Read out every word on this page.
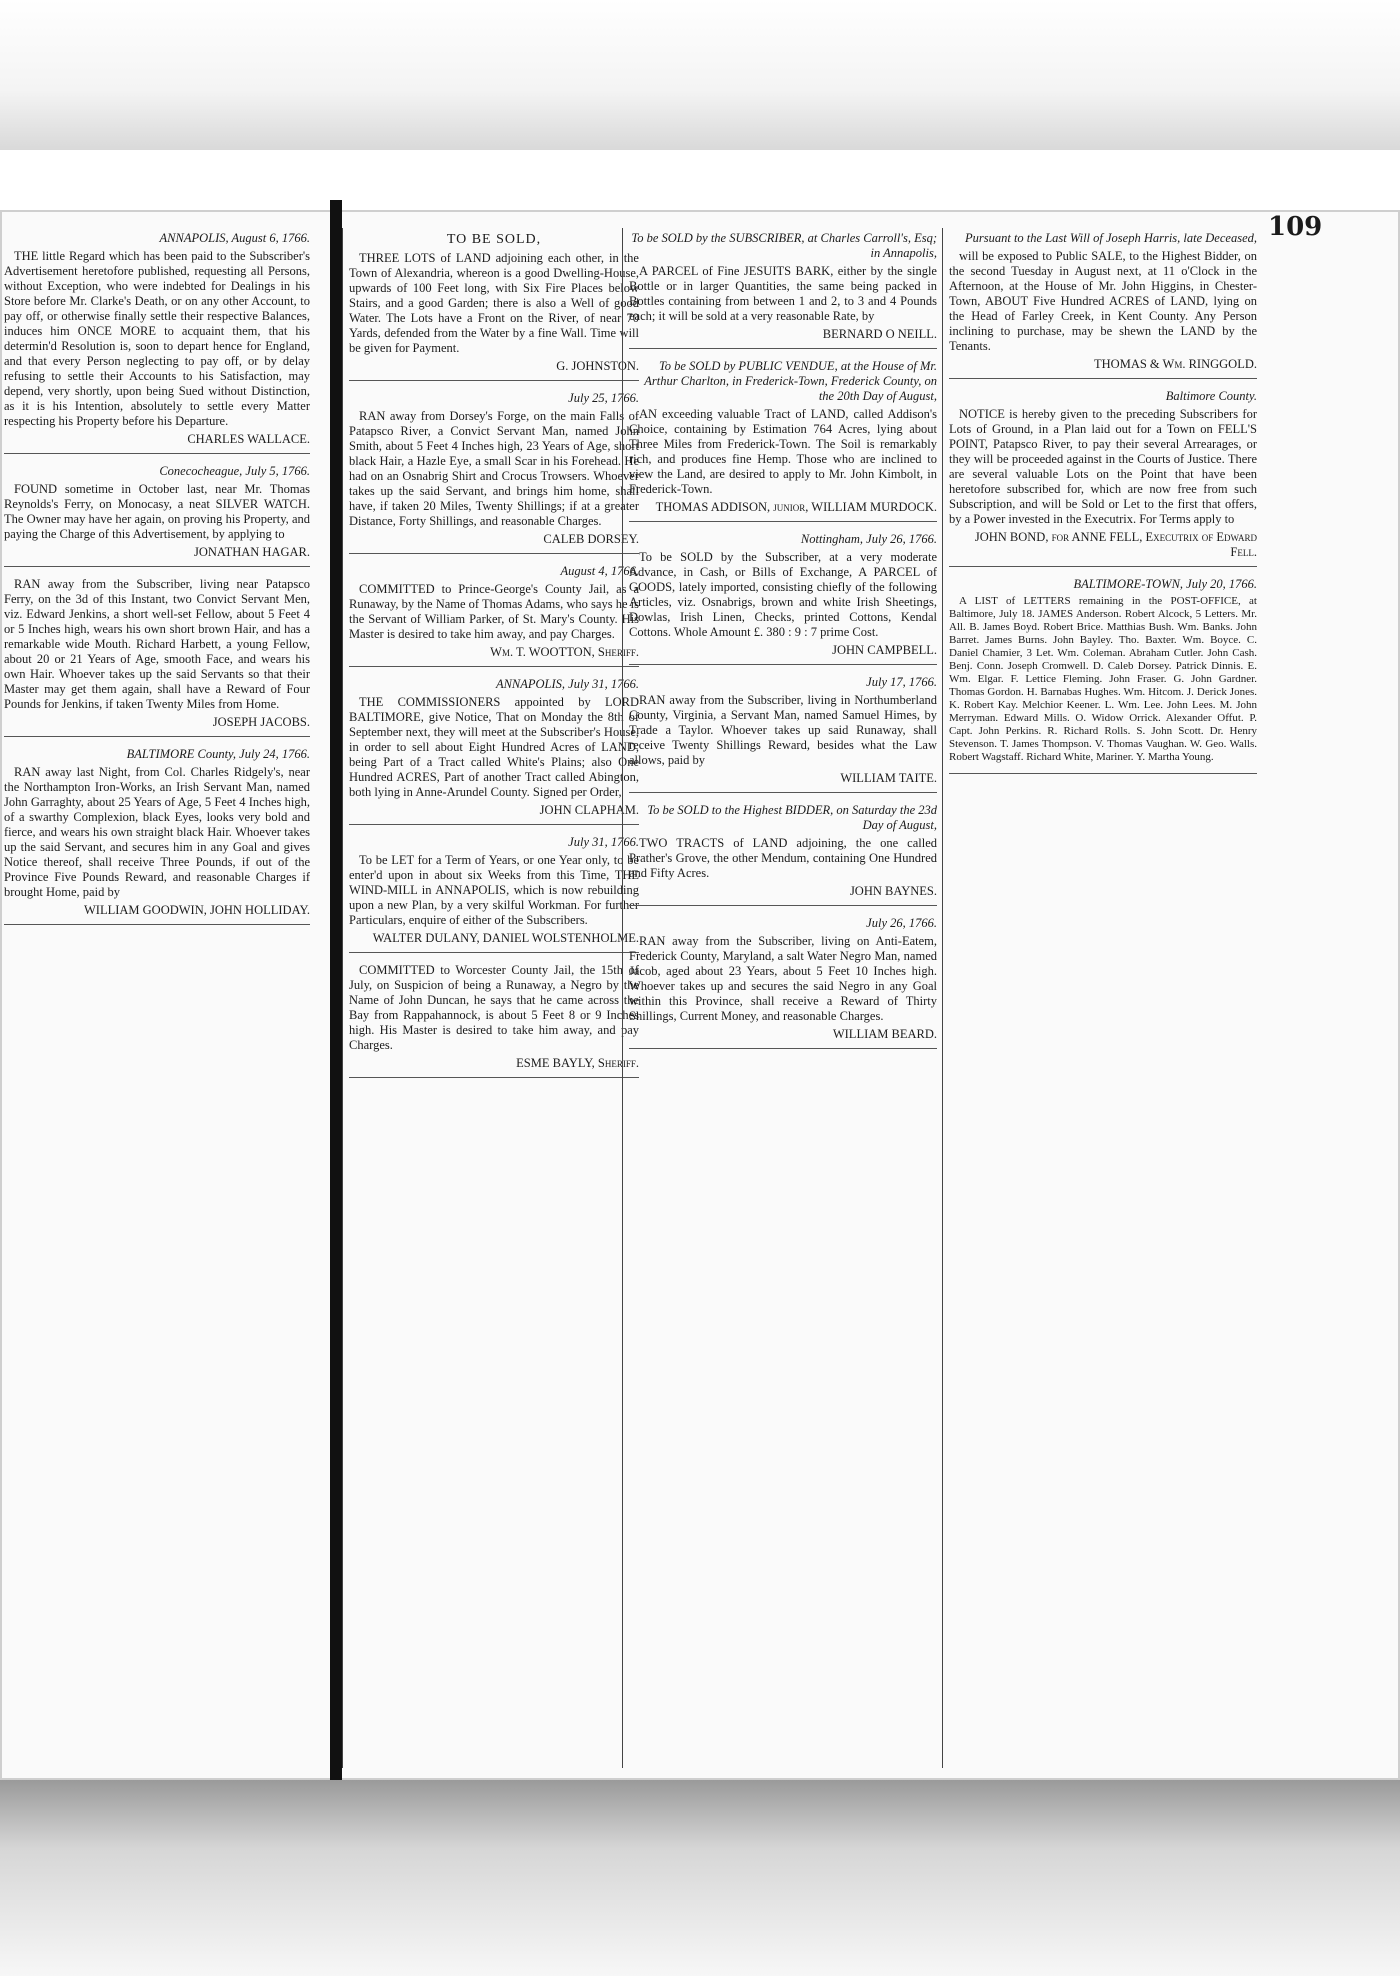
109
ANNAPOLIS, August 6, 1766.

THE little Regard which has been paid to the Subscriber's Advertisement heretofore published, requesting all Persons, without Exception, who were indebted for Dealings in his Store before Mr. Clarke's Death, or on any other Account, to pay off, or otherwise finally settle their respective Balances, induces him ONCE MORE to acquaint them, that his determin'd Resolution is, soon to depart hence for England, and that every Person neglecting to pay off, or by delay refusing to settle their Accounts to his Satisfaction, may depend, very shortly, upon being Sued without Distinction, as it is his Intention, absolutely to settle every Matter respecting his Property before his Departure.

CHARLES WALLACE.
Conecocheague, July 5, 1766.

FOUND sometime in October last, near Mr. Thomas Reynolds's Ferry, on Monocasy, a neat SILVER WATCH. The Owner may have her again, on proving his Property, and paying the Charge of this Advertisement, by applying to

JONATHAN HAGAR.

RAN away from the Subscriber, living near Patapsco Ferry, on the 3d of this Instant, two Convict Servant Men, viz. Edward Jenkins, a short well-set Fellow, about 5 Feet 4 or 5 Inches high, wears his own short brown Hair, and has a remarkable wide Mouth. Richard Harbett, a young Fellow, about 20 or 21 Years of Age, smooth Face, and wears his own Hair. Whoever takes up the said Servants so that their Master may get them again, shall have a Reward of Four Pounds for Jenkins, if taken Twenty Miles from Home.

JOSEPH JACOBS.
BALTIMORE County, July 24, 1766.

RAN away last Night, from Col. Charles Ridgely's, near the Northampton Iron-Works, an Irish Servant Man, named John Garraghty, about 25 Years of Age, 5 Feet 4 Inches high, of a swarthy Complexion, black Eyes, looks very bold and fierce, and wears his own straight black Hair. Whoever takes up the said Servant, and secures him in any Goal and gives Notice thereof, shall receive Three Pounds, if out of the Province Five Pounds Reward, and reasonable Charges if brought Home, paid by

WILLIAM GOODWIN, JOHN HOLLIDAY.
TO BE SOLD,

THREE LOTS of LAND adjoining each other, in the Town of Alexandria, whereon is a good Dwelling-House, upwards of 100 Feet long, with Six Fire Places below Stairs, and a good Garden; there is also a Well of good Water. The Lots have a Front on the River, of near 70 Yards, defended from the Water by a fine Wall. Time will be given for Payment.

G. JOHNSTON.
July 25, 1766.

RAN away from Dorsey's Forge, on the main Falls of Patapsco River, a Convict Servant Man, named John Smith, about 5 Feet 4 Inches high, 23 Years of Age, short black Hair, a Hazle Eye, a small Scar in his Forehead. He had on an Osnabrig Shirt and Crocus Trowsers. Whoever takes up the said Servant, and brings him home, shall have, if taken 20 Miles, Twenty Shillings; if at a greater Distance, Forty Shillings, and reasonable Charges.

CALEB DORSEY.
August 4, 1766.

COMMITTED to Prince-George's County Jail, as a Runaway, by the Name of Thomas Adams, who says he is the Servant of William Parker, of St. Mary's County. His Master is desired to take him away, and pay Charges.

Wm. T. WOOTTON, Sheriff.
ANNAPOLIS, July 31, 1766.

THE COMMISSIONERS appointed by LORD BALTIMORE, give Notice, That on Monday the 8th of September next, they will meet at the Subscriber's House, in order to sell about Eight Hundred Acres of LAND, being Part of a Tract called White's Plains; also One Hundred ACRES, Part of another Tract called Abington, both lying in Anne-Arundel County. Signed per Order,

JOHN CLAPHAM.
July 31, 1766.

To be LET for a Term of Years, or one Year only, to be enter'd upon in about six Weeks from this Time, THE WIND-MILL in ANNAPOLIS, which is now rebuilding upon a new Plan, by a very skilful Workman. For further Particulars, enquire of either of the Subscribers.

WALTER DULANY, DANIEL WOLSTENHOLME.

COMMITTED to Worcester County Jail, the 15th of July, on Suspicion of being a Runaway, a Negro by the Name of John Duncan, he says that he came across the Bay from Rappahannock, is about 5 Feet 8 or 9 Inches high. His Master is desired to take him away, and pay Charges.

ESME BAYLY, Sheriff.
To be SOLD by the SUBSCRIBER, at Charles Carroll's, Esq; in Annapolis,

A PARCEL of Fine JESUITS BARK, either by the single Bottle or in larger Quantities, the same being packed in Bottles containing from between 1 and 2, to 3 and 4 Pounds each; it will be sold at a very reasonable Rate, by

BERNARD O NEILL.
To be SOLD by PUBLIC VENDUE, at the House of Mr. Arthur Charlton, in Frederick-Town, Frederick County, on the 20th Day of August,

AN exceeding valuable Tract of LAND, called Addison's Choice, containing by Estimation 764 Acres, lying about Three Miles from Frederick-Town. The Soil is remarkably rich, and produces fine Hemp. Those who are inclined to view the Land, are desired to apply to Mr. John Kimbolt, in Frederick-Town.

THOMAS ADDISON, junior, WILLIAM MURDOCK.
Nottingham, July 26, 1766.

To be SOLD by the Subscriber, at a very moderate Advance, in Cash, or Bills of Exchange, A PARCEL of GOODS, lately imported, consisting chiefly of the following Articles, viz. Osnabrigs, brown and white Irish Sheetings, Dowlas, Irish Linen, Checks, printed Cottons, Kendal Cottons. Whole Amount £. 380 : 9 : 7 prime Cost.

JOHN CAMPBELL.
July 17, 1766.

RAN away from the Subscriber, living in Northumberland County, Virginia, a Servant Man, named Samuel Himes, by Trade a Taylor. Whoever takes up said Runaway, shall receive Twenty Shillings Reward, besides what the Law allows, paid by

WILLIAM TAITE.
To be SOLD to the Highest BIDDER, on Saturday the 23d Day of August,

TWO TRACTS of LAND adjoining, the one called Prather's Grove, the other Mendum, containing One Hundred and Fifty Acres.

JOHN BAYNES.
July 26, 1766.

RAN away from the Subscriber, living on Anti-Eatem, Frederick County, Maryland, a salt Water Negro Man, named Jacob, aged about 23 Years, about 5 Feet 10 Inches high. Whoever takes up and secures the said Negro in any Goal within this Province, shall receive a Reward of Thirty Shillings, Current Money, and reasonable Charges.

WILLIAM BEARD.
Pursuant to the Last Will of Joseph Harris, late Deceased,

will be exposed to Public SALE, to the Highest Bidder, on the second Tuesday in August next, at 11 o'Clock in the Afternoon, at the House of Mr. John Higgins, in Chester-Town, ABOUT Five Hundred ACRES of LAND, lying on the Head of Farley Creek, in Kent County. Any Person inclining to purchase, may be shewn the LAND by the Tenants.

THOMAS & Wm. RINGGOLD.
Baltimore County.

NOTICE is hereby given to the preceding Subscribers for Lots of Ground, in a Plan laid out for a Town on FELL'S POINT, Patapsco River, to pay their several Arrearages, or they will be proceeded against in the Courts of Justice. There are several valuable Lots on the Point that have been heretofore subscribed for, which are now free from such Subscription, and will be Sold or Let to the first that offers, by a Power invested in the Executrix. For Terms apply to

JOHN BOND, for ANNE FELL, Executrix of Edward Fell.
BALTIMORE-TOWN, July 20, 1766.

A LIST of LETTERS remaining in the POST-OFFICE, at Baltimore, July 18. JAMES Anderson. Robert Alcock, 5 Letters. Mr. All. B. James Boyd. Robert Brice. Matthias Bush. Wm. Banks. John Barret. James Burns. John Bayley. Tho. Baxter. Wm. Boyce. C. Daniel Chamier, 3 Let. Wm. Coleman. Abraham Cutler. John Cash. Benj. Conn. Joseph Cromwell. D. Caleb Dorsey. Patrick Dinnis. E. Wm. Elgar. F. Lettice Fleming. John Fraser. G. John Gardner. Thomas Gordon. H. Barnabas Hughes. Wm. Hitcom. J. Derick Jones. K. Robert Kay. Melchior Keener. L. Wm. Lee. John Lees. M. John Merryman. Edward Mills. O. Widow Orrick. Alexander Offut. P. Capt. John Perkins. R. Richard Rolls. S. John Scott. Dr. Henry Stevenson. T. James Thompson. V. Thomas Vaughan. W. Geo. Walls. Robert Wagstaff. Richard White, Mariner. Y. Martha Young.
